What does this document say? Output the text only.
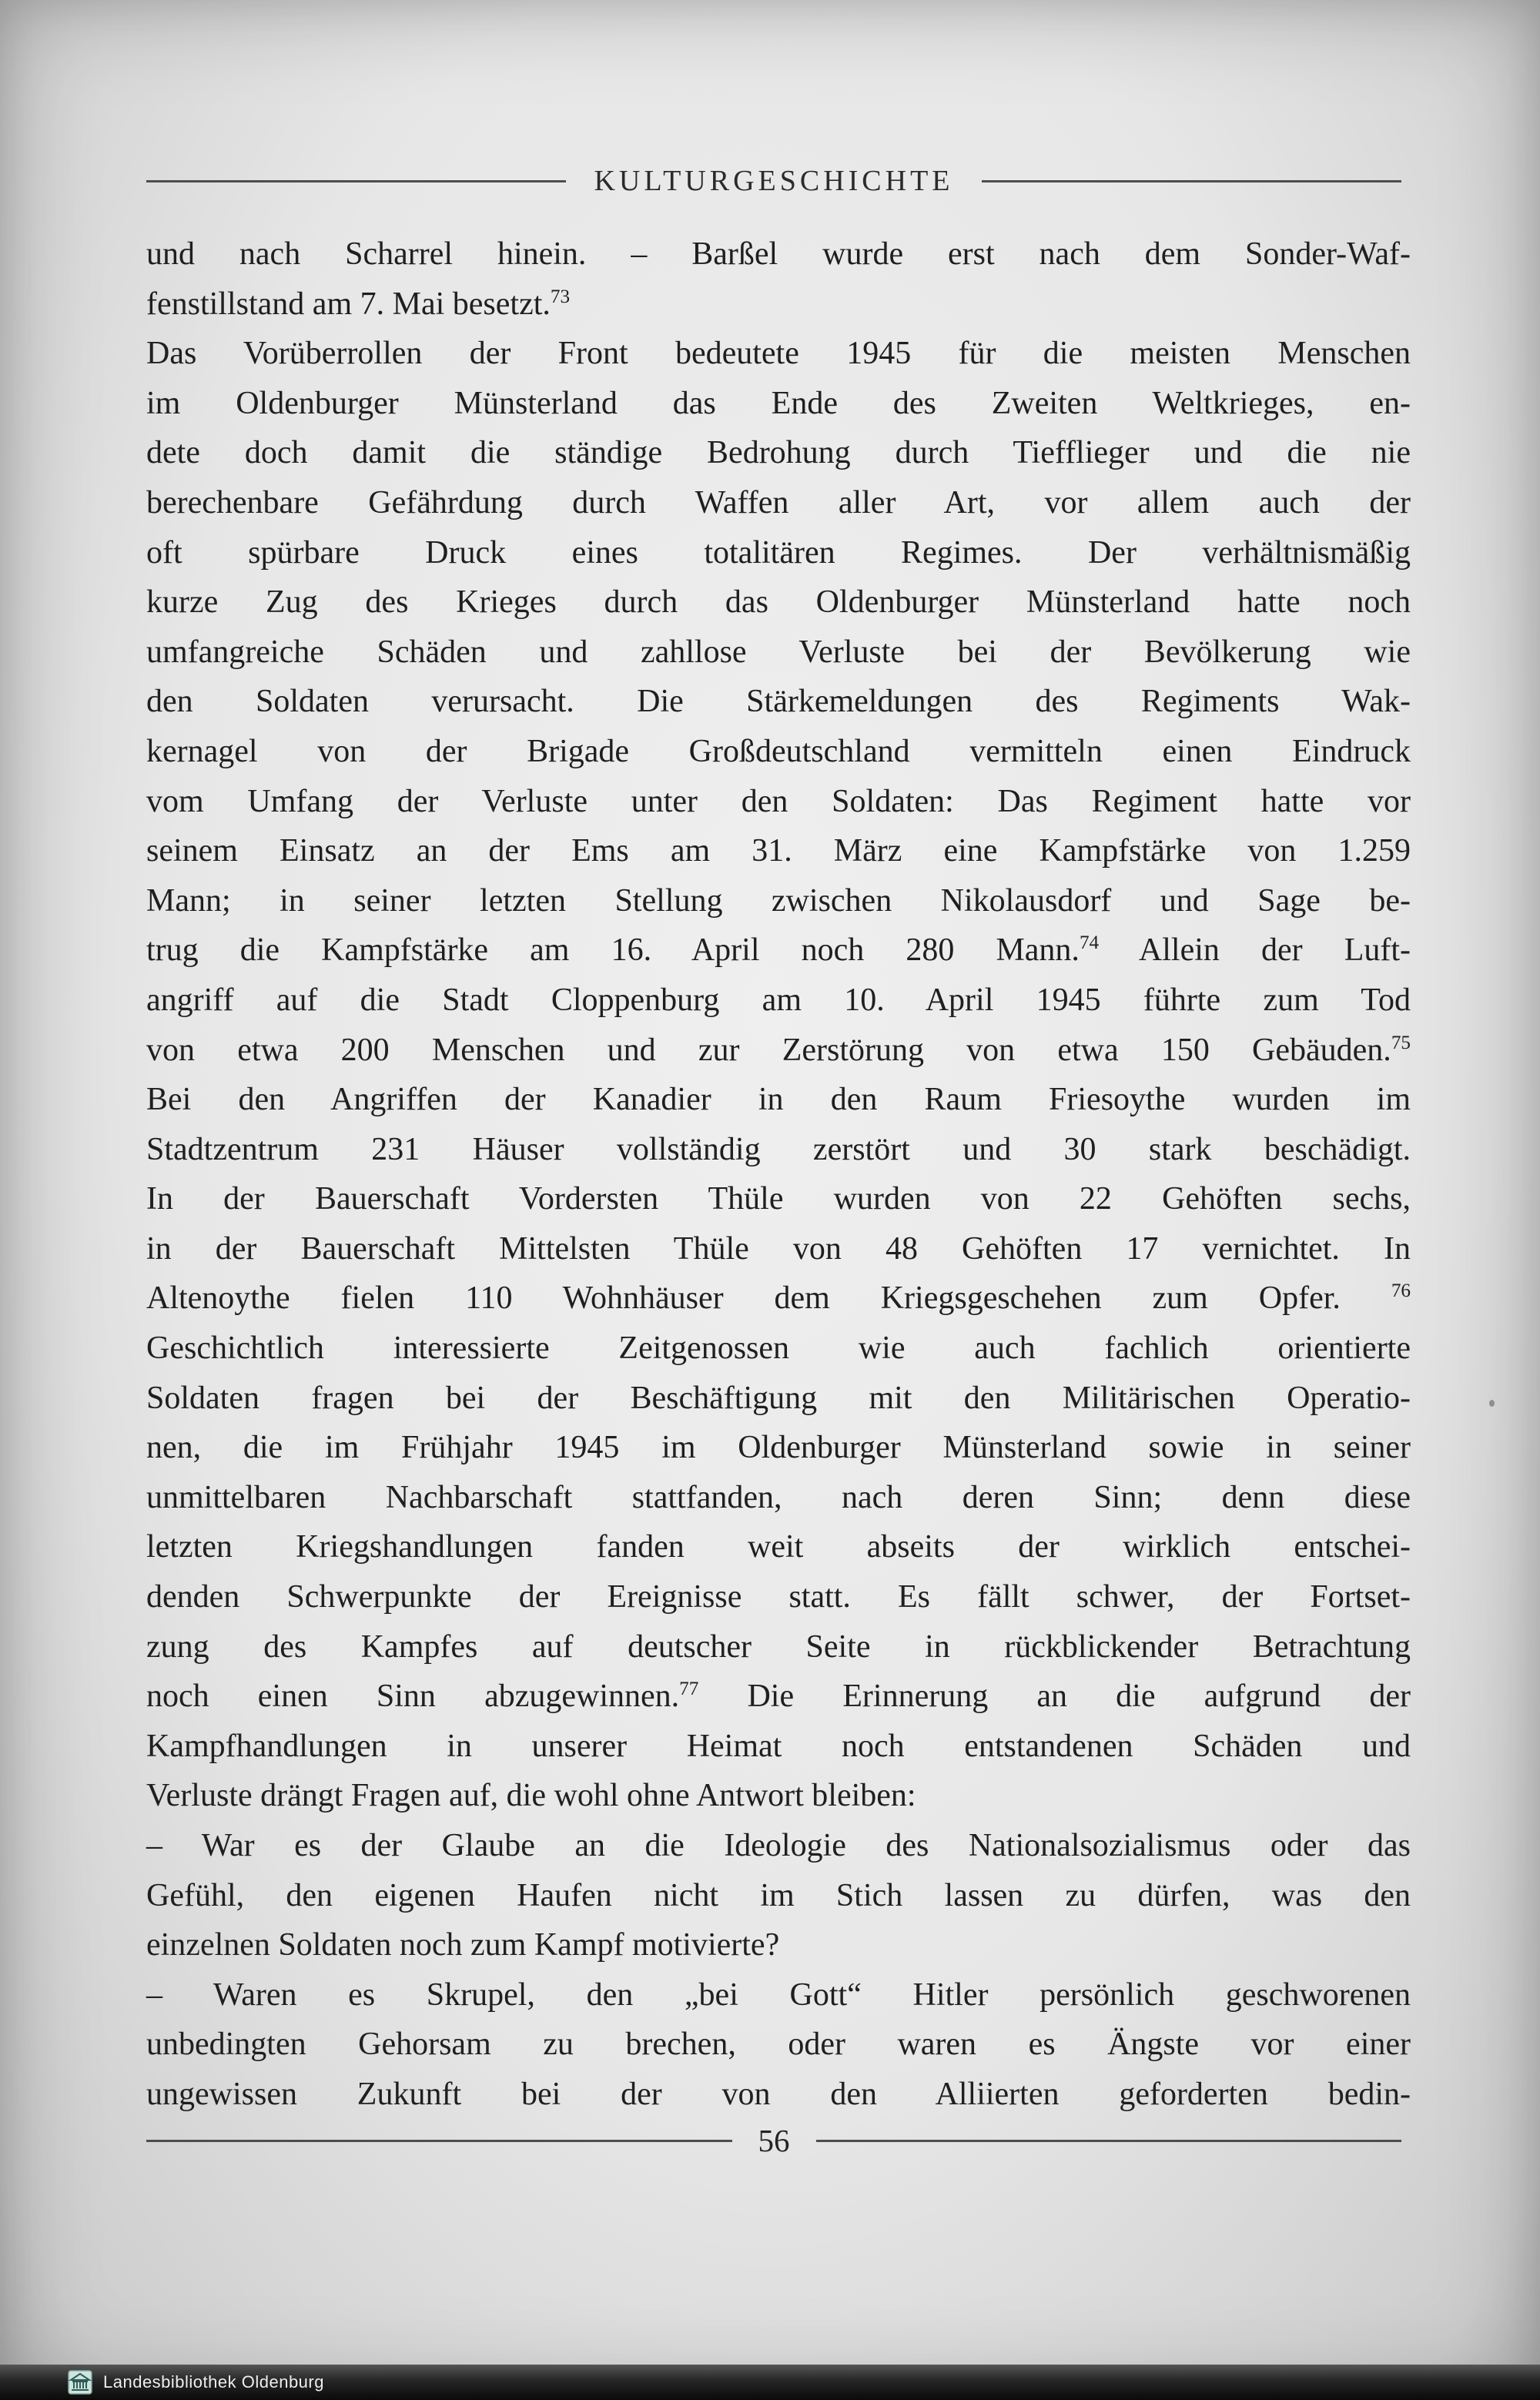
KULTURGESCHICHTE
und nach Scharrel hinein. – Barßel wurde erst nach dem Sonder-Waf-
fenstillstand am 7. Mai besetzt.$^{73}$
Das Vorüberrollen der Front bedeutete 1945 für die meisten Menschen
im Oldenburger Münsterland das Ende des Zweiten Weltkrieges, en-
dete doch damit die ständige Bedrohung durch Tiefflieger und die nie
berechenbare Gefährdung durch Waffen aller Art, vor allem auch der
oft spürbare Druck eines totalitären Regimes. Der verhältnismäßig
kurze Zug des Krieges durch das Oldenburger Münsterland hatte noch
umfangreiche Schäden und zahllose Verluste bei der Bevölkerung wie
den Soldaten verursacht. Die Stärkemeldungen des Regiments Wak-
kernagel von der Brigade Großdeutschland vermitteln einen Eindruck
vom Umfang der Verluste unter den Soldaten: Das Regiment hatte vor
seinem Einsatz an der Ems am 31. März eine Kampfstärke von 1.259
Mann; in seiner letzten Stellung zwischen Nikolausdorf und Sage be-
trug die Kampfstärke am 16. April noch 280 Mann.$^{74}$ Allein der Luft-
angriff auf die Stadt Cloppenburg am 10. April 1945 führte zum Tod
von etwa 200 Menschen und zur Zerstörung von etwa 150 Gebäuden.$^{75}$
Bei den Angriffen der Kanadier in den Raum Friesoythe wurden im
Stadtzentrum 231 Häuser vollständig zerstört und 30 stark beschädigt.
In der Bauerschaft Vordersten Thüle wurden von 22 Gehöften sechs,
in der Bauerschaft Mittelsten Thüle von 48 Gehöften 17 vernichtet. In
Altenoythe fielen 110 Wohnhäuser dem Kriegsgeschehen zum Opfer. $^{76}$
Geschichtlich interessierte Zeitgenossen wie auch fachlich orientierte
Soldaten fragen bei der Beschäftigung mit den Militärischen Operatio-
nen, die im Frühjahr 1945 im Oldenburger Münsterland sowie in seiner
unmittelbaren Nachbarschaft stattfanden, nach deren Sinn; denn diese
letzten Kriegshandlungen fanden weit abseits der wirklich entschei-
denden Schwerpunkte der Ereignisse statt. Es fällt schwer, der Fortset-
zung des Kampfes auf deutscher Seite in rückblickender Betrachtung
noch einen Sinn abzugewinnen.$^{77}$ Die Erinnerung an die aufgrund der
Kampfhandlungen in unserer Heimat noch entstandenen Schäden und
Verluste drängt Fragen auf, die wohl ohne Antwort bleiben:
– War es der Glaube an die Ideologie des Nationalsozialismus oder das
Gefühl, den eigenen Haufen nicht im Stich lassen zu dürfen, was den
einzelnen Soldaten noch zum Kampf motivierte?
– Waren es Skrupel, den „bei Gott“ Hitler persönlich geschworenen
unbedingten Gehorsam zu brechen, oder waren es Ängste vor einer
ungewissen Zukunft bei der von den Alliierten geforderten bedin-
56
Landesbibliothek Oldenburg
